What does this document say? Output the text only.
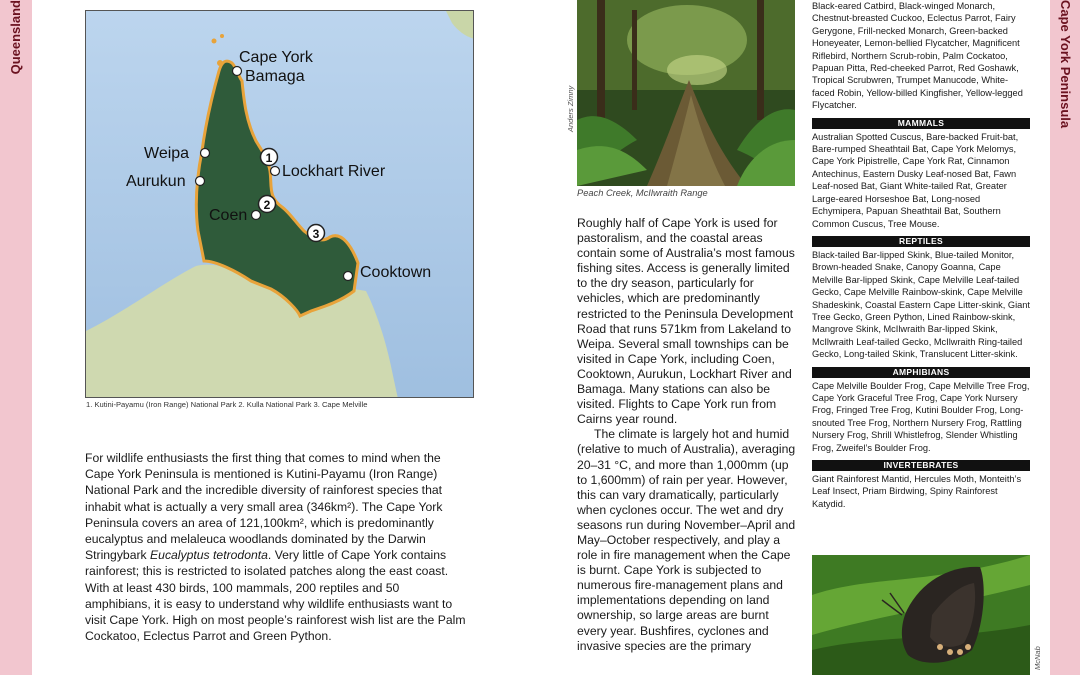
Queensland	Cape York Peninsula
1
2
3
Cape York
Bamaga
Weipa
Aurukun
Lockhart River
Coen
Cooktown
1. Kutini-Payamu (Iron Range) National Park 2. Kulla National Park 3. Cape Melville

For wildlife enthusiasts the first thing that comes to mind when the Cape York Peninsula is mentioned is Kutini-Payamu (Iron Range) National Park and the incredible diversity of rainforest species that inhabit what is actually a very small area (346km²). The Cape York Peninsula covers an area of 121,100km², which is predominantly eucalyptus and melaleuca woodlands dominated by the Darwin Stringybark Eucalyptus tetrodonta. Very little of Cape York contains rainforest; this is restricted to isolated patches along the east coast. With at least 430 birds, 100 mammals, 200 reptiles and 50 amphibians, it is easy to understand why wildlife enthusiasts want to visit Cape York. High on most people’s rainforest wish list are the Palm Cockatoo, Eclectus Parrot and Green Python.

Anders Zimny
Peach Creek, McIlwraith Range

Roughly half of Cape York is used for pastoralism, and the coastal areas contain some of Australia’s most famous fishing sites. Access is generally limited to the dry season, particularly for vehicles, which are predominantly restricted to the Peninsula Development Road that runs 571km from Lakeland to Weipa. Several small townships can be visited in Cape York, including Coen, Cooktown, Aurukun, Lockhart River and Bamaga. Many stations can also be visited. Flights to Cape York run from Cairns year round.

The climate is largely hot and humid (relative to much of Australia), averaging 20–31 °C, and more than 1,000mm (up to 1,600mm) of rain per year. However, this can vary dramatically, particularly when cyclones occur. The wet and dry seasons run during November–April and May–October respectively, and play a role in fire management when the Cape is burnt. Cape York is subjected to numerous fire-management plans and implementations depending on land ownership, so large areas are burnt every year. Bushfires, cyclones and invasive species are the primary

Black-eared Catbird, Black-winged Monarch, Chestnut-breasted Cuckoo, Eclectus Parrot, Fairy Gerygone, Frill-necked Monarch, Green-backed Honeyeater, Lemon-bellied Flycatcher, Magnificent Riflebird, Northern Scrub-robin, Palm Cockatoo, Papuan Pitta, Red-cheeked Parrot, Red Goshawk, Tropical Scrubwren, Trumpet Manucode, White-faced Robin, Yellow-billed Kingfisher, Yellow-legged Flycatcher.
MAMMALS
Australian Spotted Cuscus, Bare-backed Fruit-bat, Bare-rumped Sheathtail Bat, Cape York Melomys, Cape York Pipistrelle, Cape York Rat, Cinnamon Antechinus, Eastern Dusky Leaf-nosed Bat, Fawn Leaf-nosed Bat, Giant White-tailed Rat, Greater Large-eared Horseshoe Bat, Long-nosed Echymipera, Papuan Sheathtail Bat, Southern Common Cuscus, Tree Mouse.
REPTILES
Black-tailed Bar-lipped Skink, Blue-tailed Monitor, Brown-headed Snake, Canopy Goanna, Cape Melville Bar-lipped Skink, Cape Melville Leaf-tailed Gecko, Cape Melville Rainbow-skink, Cape Melville Shadeskink, Coastal Eastern Cape Litter-skink, Giant Tree Gecko, Green Python, Lined Rainbow-skink, Mangrove Skink, McIlwraith Bar-lipped Skink, McIlwraith Leaf-tailed Gecko, McIlwraith Ring-tailed Gecko, Long-tailed Skink, Translucent Litter-skink.
AMPHIBIANS
Cape Melville Boulder Frog, Cape Melville Tree Frog, Cape York Graceful Tree Frog, Cape York Nursery Frog, Fringed Tree Frog, Kutini Boulder Frog, Long-snouted Tree Frog, Northern Nursery Frog, Rattling Nursery Frog, Shrill Whistlefrog, Slender Whistling Frog, Zweifel’s Boulder Frog.
INVERTEBRATES
Giant Rainforest Mantid, Hercules Moth, Monteith’s Leaf Insect, Priam Birdwing, Spiny Rainforest Katydid.
McNab
